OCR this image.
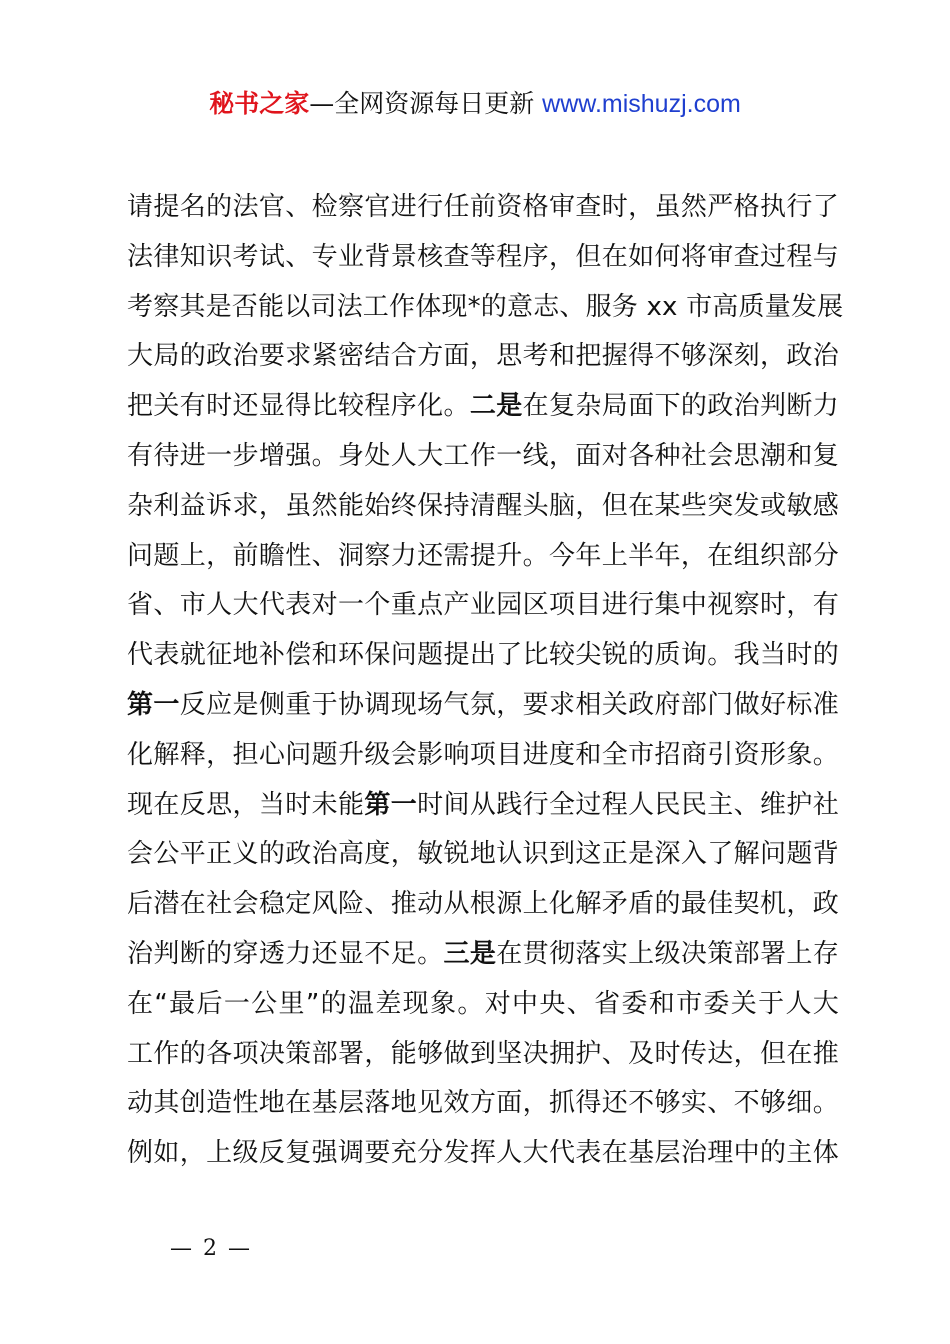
秘书之家—全网资源每日更新 www.mishuzj.com
请提名的法官、检察官进行任前资格审查时，虽然严格执行了
法律知识考试、专业背景核查等程序，但在如何将审查过程与
考察其是否能以司法工作体现*的意志、服务 xx 市高质量发展
大局的政治要求紧密结合方面，思考和把握得不够深刻，政治
把关有时还显得比较程序化。二是在复杂局面下的政治判断力
有待进一步增强。身处人大工作一线，面对各种社会思潮和复
杂利益诉求，虽然能始终保持清醒头脑，但在某些突发或敏感
问题上，前瞻性、洞察力还需提升。今年上半年，在组织部分
省、市人大代表对一个重点产业园区项目进行集中视察时，有
代表就征地补偿和环保问题提出了比较尖锐的质询。我当时的
第一反应是侧重于协调现场气氛，要求相关政府部门做好标准
化解释，担心问题升级会影响项目进度和全市招商引资形象。
现在反思，当时未能第一时间从践行全过程人民民主、维护社
会公平正义的政治高度，敏锐地认识到这正是深入了解问题背
后潜在社会稳定风险、推动从根源上化解矛盾的最佳契机，政
治判断的穿透力还显不足。三是在贯彻落实上级决策部署上存
在“最后一公里”的温差现象。对中央、省委和市委关于人大
工作的各项决策部署，能够做到坚决拥护、及时传达，但在推
动其创造性地在基层落地见效方面，抓得还不够实、不够细。
例如，上级反复强调要充分发挥人大代表在基层治理中的主体
— 2 —
